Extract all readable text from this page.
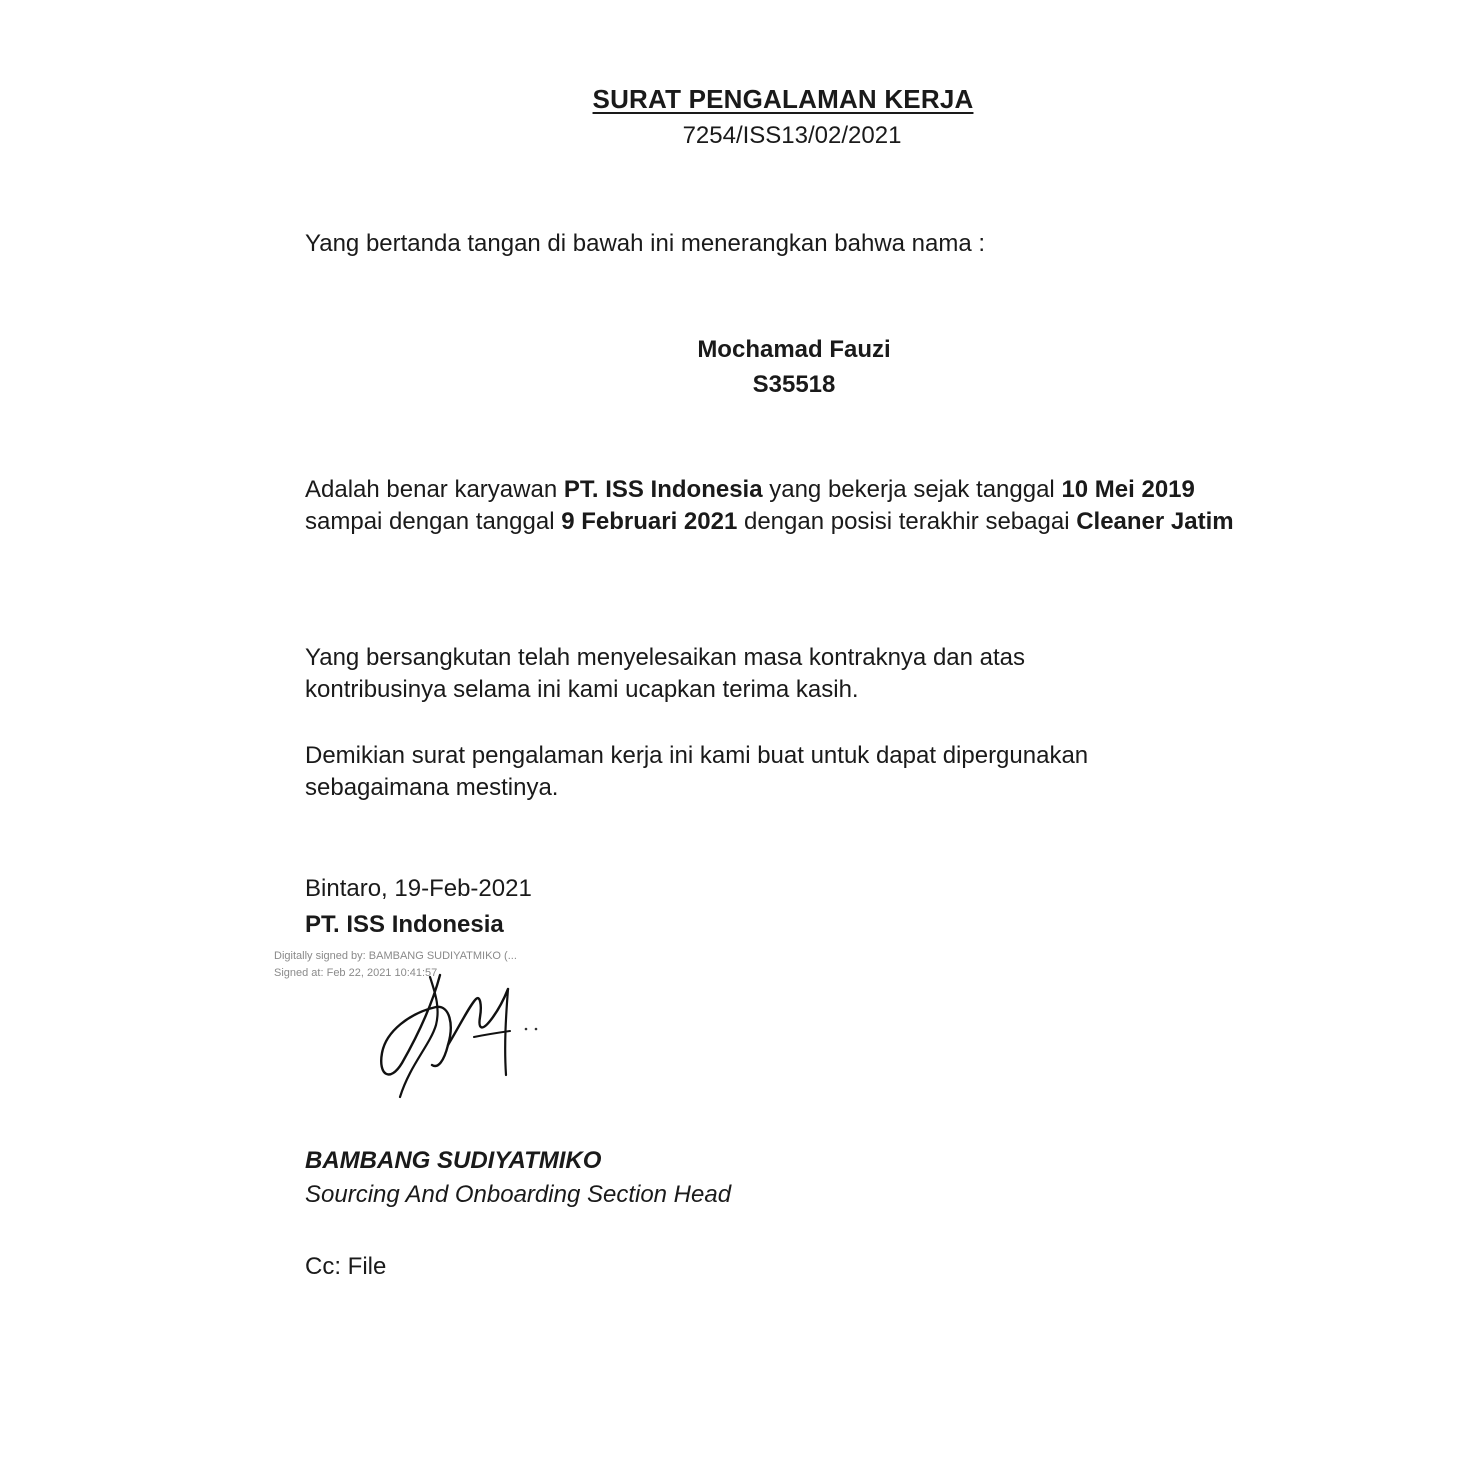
SURAT PENGALAMAN KERJA
7254/ISS13/02/2021
Yang bertanda tangan di bawah ini menerangkan bahwa nama :
Mochamad Fauzi
S35518
Adalah benar karyawan PT. ISS Indonesia yang bekerja sejak tanggal 10 Mei 2019 sampai dengan tanggal 9 Februari 2021 dengan posisi terakhir sebagai Cleaner Jatim
Yang bersangkutan telah menyelesaikan masa kontraknya dan atas kontribusinya selama ini kami ucapkan terima kasih.
Demikian surat pengalaman kerja ini kami buat untuk dapat dipergunakan sebagaimana mestinya.
Bintaro, 19-Feb-2021
PT. ISS Indonesia
Digitally signed by: BAMBANG SUDIYATMIKO (...
Signed at: Feb 22, 2021 10:41:57
BAMBANG SUDIYATMIKO
Sourcing And Onboarding Section Head
Cc: File
